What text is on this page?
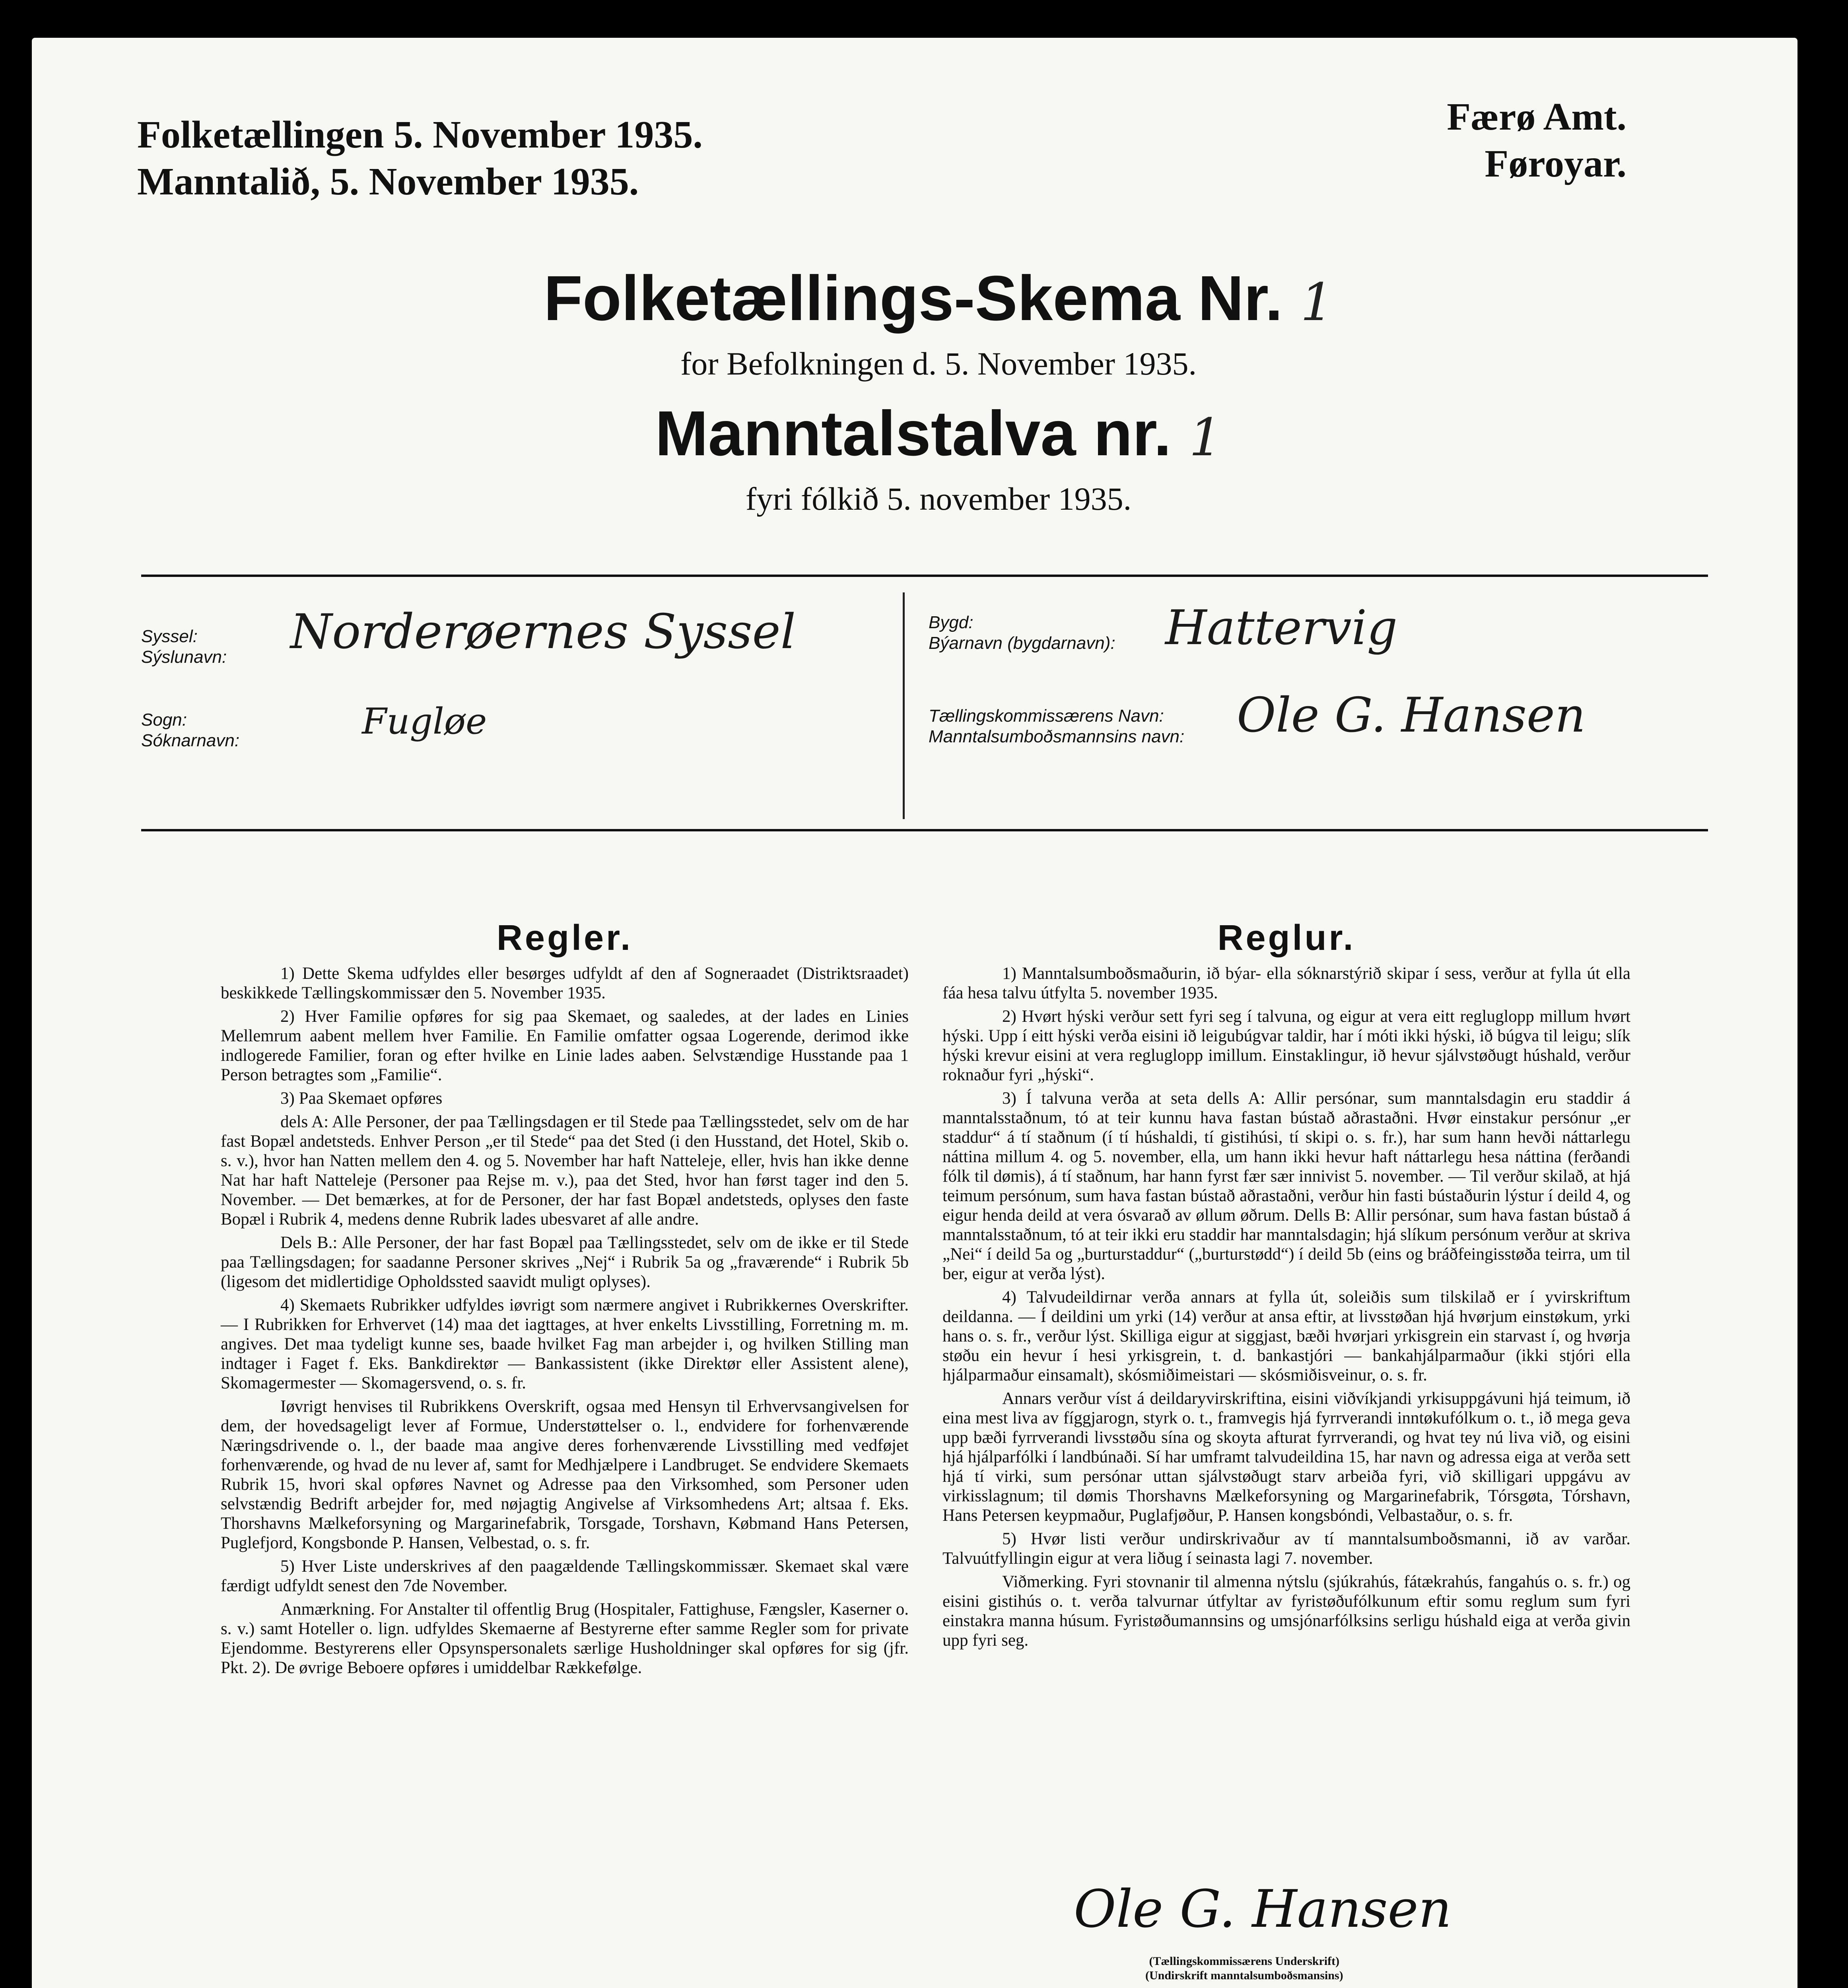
Folketællingen 5. November 1935.
Manntalið, 5. November 1935.
Færø Amt.
Føroyar.
Folketællings-Skema Nr. 1
for Befolkningen d. 5. November 1935.
Manntalstalva nr. 1
fyri fólkið 5. november 1935.
Syssel:
Sýslunavn: Norderøernes Syssel
Sogn:
Sóknarnavn:	Fugløe
Bygd:
Býarnavn (bygdarnavn): Hattervig
Tællingskommissærens Navn:
Manntalsumboðsmannsins navn: Ole G. Hansen
Regler.

1) Dette Skema udfyldes eller besørges udfyldt af den af Sogneraadet (Distriktsraadet) beskikkede Tællingskommissær den 5. November 1935.

2) Hver Familie opføres for sig paa Skemaet, og saaledes, at der lades en Linies Mellemrum aabent mellem hver Familie. En Familie omfatter ogsaa Logerende, derimod ikke indlogerede Familier, foran og efter hvilke en Linie lades aaben. Selvstændige Husstande paa 1 Person betragtes som „Familie“.

3) Paa Skemaet opføres

dels A: Alle Personer, der paa Tællingsdagen er til Stede paa Tællingsstedet, selv om de har fast Bopæl andetsteds. Enhver Person „er til Stede“ paa det Sted (i den Husstand, det Hotel, Skib o. s. v.), hvor han Natten mellem den 4. og 5. November har haft Natteleje, eller, hvis han ikke denne Nat har haft Natteleje (Personer paa Rejse m. v.), paa det Sted, hvor han først tager ind den 5. November. — Det bemærkes, at for de Personer, der har fast Bopæl andetsteds, oplyses den faste Bopæl i Rubrik 4, medens denne Rubrik lades ubesvaret af alle andre.

Dels B.: Alle Personer, der har fast Bopæl paa Tællingsstedet, selv om de ikke er til Stede paa Tællingsdagen; for saadanne Personer skrives „Nej“ i Rubrik 5a og „fraværende“ i Rubrik 5b (ligesom det midlertidige Opholdssted saavidt muligt oplyses).

4) Skemaets Rubrikker udfyldes iøvrigt som nærmere angivet i Rubrikkernes Overskrifter. — I Rubrikken for Erhvervet (14) maa det iagttages, at hver enkelts Livsstilling, Forretning m. m. angives. Det maa tydeligt kunne ses, baade hvilket Fag man arbejder i, og hvilken Stilling man indtager i Faget f. Eks. Bankdirektør — Bankassistent (ikke Direktør eller Assistent alene), Skomagermester — Skomagersvend, o. s. fr.

Iøvrigt henvises til Rubrikkens Overskrift, ogsaa med Hensyn til Erhvervsangivelsen for dem, der hovedsageligt lever af Formue, Understøttelser o. l., endvidere for forhenværende Næringsdrivende o. l., der baade maa angive deres forhenværende Livsstilling med vedføjet forhenværende, og hvad de nu lever af, samt for Medhjælpere i Landbruget. Se endvidere Skemaets Rubrik 15, hvori skal opføres Navnet og Adresse paa den Virksomhed, som Personer uden selvstændig Bedrift arbejder for, med nøjagtig Angivelse af Virksomhedens Art; altsaa f. Eks. Thorshavns Mælkeforsyning og Margarinefabrik, Torsgade, Torshavn, Købmand Hans Petersen, Puglefjord, Kongsbonde P. Hansen, Velbestad, o. s. fr.

5) Hver Liste underskrives af den paagældende Tællingskommissær. Skemaet skal være færdigt udfyldt senest den 7de November.

Anmærkning. For Anstalter til offentlig Brug (Hospitaler, Fattighuse, Fængsler, Kaserner o. s. v.) samt Hoteller o. lign. udfyldes Skemaerne af Bestyrerne efter samme Regler som for private Ejendomme. Bestyrerens eller Opsynspersonalets særlige Husholdninger skal opføres for sig (jfr. Pkt. 2). De øvrige Beboere opføres i umiddelbar Rækkefølge.

Reglur.

1) Manntalsumboðsmaðurin, ið býar- ella sóknarstýrið skipar í sess, verður at fylla út ella fáa hesa talvu útfylta 5. november 1935.

2) Hvørt hýski verður sett fyri seg í talvuna, og eigur at vera eitt regluglopp millum hvørt hýski. Upp í eitt hýski verða eisini ið leigubúgvar taldir, har í móti ikki hýski, ið búgva til leigu; slík hýski krevur eisini at vera regluglopp imillum. Einstaklingur, ið hevur sjálvstøðugt húshald, verður roknaður fyri „hýski“.

3) Í talvuna verða at seta dells A: Allir persónar, sum manntalsdagin eru staddir á manntalsstaðnum, tó at teir kunnu hava fastan bústað aðrastaðni. Hvør einstakur persónur „er staddur“ á tí staðnum (í tí húshaldi, tí gistihúsi, tí skipi o. s. fr.), har sum hann hevði náttarlegu náttina millum 4. og 5. november, ella, um hann ikki hevur haft náttarlegu hesa náttina (ferðandi fólk til dømis), á tí staðnum, har hann fyrst fær sær innivist 5. november. — Til verður skilað, at hjá teimum persónum, sum hava fastan bústað aðrastaðni, verður hin fasti bústaðurin lýstur í deild 4, og eigur henda deild at vera ósvarað av øllum øðrum. Dells B: Allir persónar, sum hava fastan bústað á manntalsstaðnum, tó at teir ikki eru staddir har manntalsdagin; hjá slíkum persónum verður at skriva „Nei“ í deild 5a og „burturstaddur“ („burturstødd“) í deild 5b (eins og bráðfeingisstøða teirra, um til ber, eigur at verða lýst).

4) Talvudeildirnar verða annars at fylla út, soleiðis sum tilskilað er í yvirskriftum deildanna. — Í deildini um yrki (14) verður at ansa eftir, at livsstøðan hjá hvørjum einstøkum, yrki hans o. s. fr., verður lýst. Skilliga eigur at siggjast, bæði hvørjari yrkisgrein ein starvast í, og hvørja støðu ein hevur í hesi yrkisgrein, t. d. bankastjóri — bankahjálparmaður (ikki stjóri ella hjálparmaður einsamalt), skósmiðimeistari — skósmiðisveinur, o. s. fr.

Annars verður víst á deildaryvirskriftina, eisini viðvíkjandi yrkisuppgávuni hjá teimum, ið eina mest liva av fíggjarogn, styrk o. t., framvegis hjá fyrrverandi inntøkufólkum o. t., ið mega geva upp bæði fyrrverandi livsstøðu sína og skoyta afturat fyrrverandi, og hvat tey nú liva við, og eisini hjá hjálparfólki í landbúnaði. Sí har umframt talvudeildina 15, har navn og adressa eiga at verða sett hjá tí virki, sum persónar uttan sjálvstøðugt starv arbeiða fyri, við skilligari uppgávu av virkisslagnum; til dømis Thorshavns Mælkeforsyning og Margarinefabrik, Tórsgøta, Tórshavn, Hans Petersen keypmaður, Puglafjøður, P. Hansen kongsbóndi, Velbastaður, o. s. fr.

5) Hvør listi verður undirskrivaður av tí manntalsumboðsmanni, ið av varðar. Talvuútfyllingin eigur at vera liðug í seinasta lagi 7. november.

Viðmerking. Fyri stovnanir til almenna nýtslu (sjúkrahús, fátækrahús, fangahús o. s. fr.) og eisini gistihús o. t. verða talvurnar útfyltar av fyristøðufólkunum eftir somu reglum sum fyri einstakra manna húsum. Fyristøðumannsins og umsjónarfólksins serligu húshald eiga at verða givin upp fyri seg.

Ole G. Hansen
(Tællingskommissærens Underskrift)
(Undirskrift manntalsumboðsmansins)
